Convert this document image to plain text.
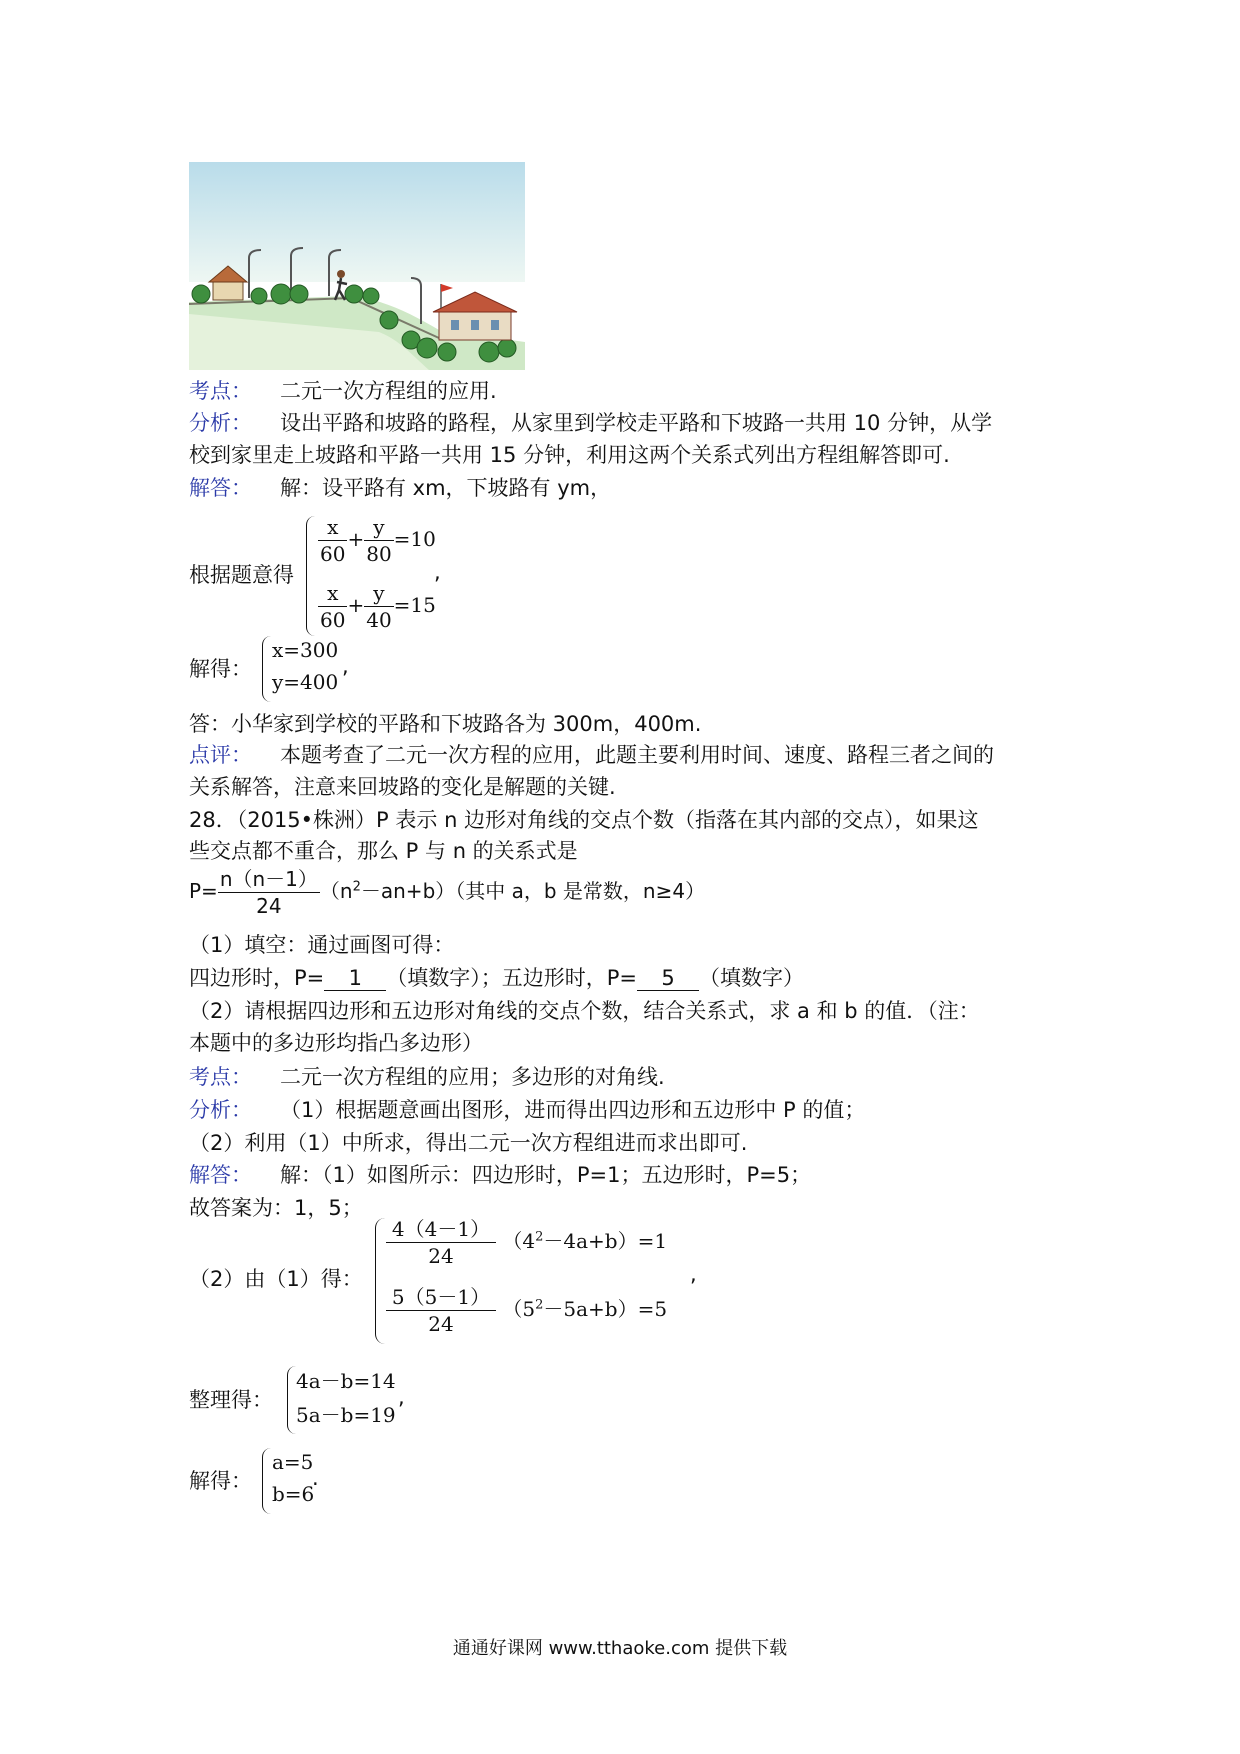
考点： 二元一次方程组的应用.
分析： 设出平路和坡路的路程，从家里到学校走平路和下坡路一共用 10 分钟，从学
校到家里走上坡路和平路一共用 15 分钟，利用这两个关系式列出方程组解答即可.
解答： 解：设平路有 xm，下坡路有 ym，
根据题意得
$\frac{x}{60} + \frac{y}{80} =10$
$\frac{x}{60} + \frac{y}{40} =15$
,
解得：
x=300
y=400
,
答：小华家到学校的平路和下坡路各为 300m，400m.
点评： 本题考查了二元一次方程的应用，此题主要利用时间、速度、路程三者之间的
关系解答，注意来回坡路的变化是解题的关键.
28．（2015•株洲）P 表示 n 边形对角线的交点个数（指落在其内部的交点），如果这
些交点都不重合，那么 P 与 n 的关系式是
$P= \frac{n(n-1)}{24} (n^2-an+b)$（其中 a，b 是常数，n≥4）
（1）填空：通过画图可得：
四边形时，P= 1 （填数字）；五边形时，P= 5 （填数字）
（2）请根据四边形和五边形对角线的交点个数，结合关系式，求 a 和 b 的值．（注：
本题中的多边形均指凸多边形）
考点： 二元一次方程组的应用；多边形的对角线.
分析： （1）根据题意画出图形，进而得出四边形和五边形中 P 的值；
（2）利用（1）中所求，得出二元一次方程组进而求出即可.
解答： 解：（1）如图所示：四边形时，P=1；五边形时，P=5；
故答案为：1，5；
（2）由（1）得：
$\frac{4(4-1)}{24} (4^2-4a+b)=1$
$\frac{5(5-1)}{24} (5^2-5a+b)=5$
,
整理得：
4a－b=14
5a－b=19
,
解得：
a=5
b=6
.
通通好课网 www.tthaoke.com 提供下载
